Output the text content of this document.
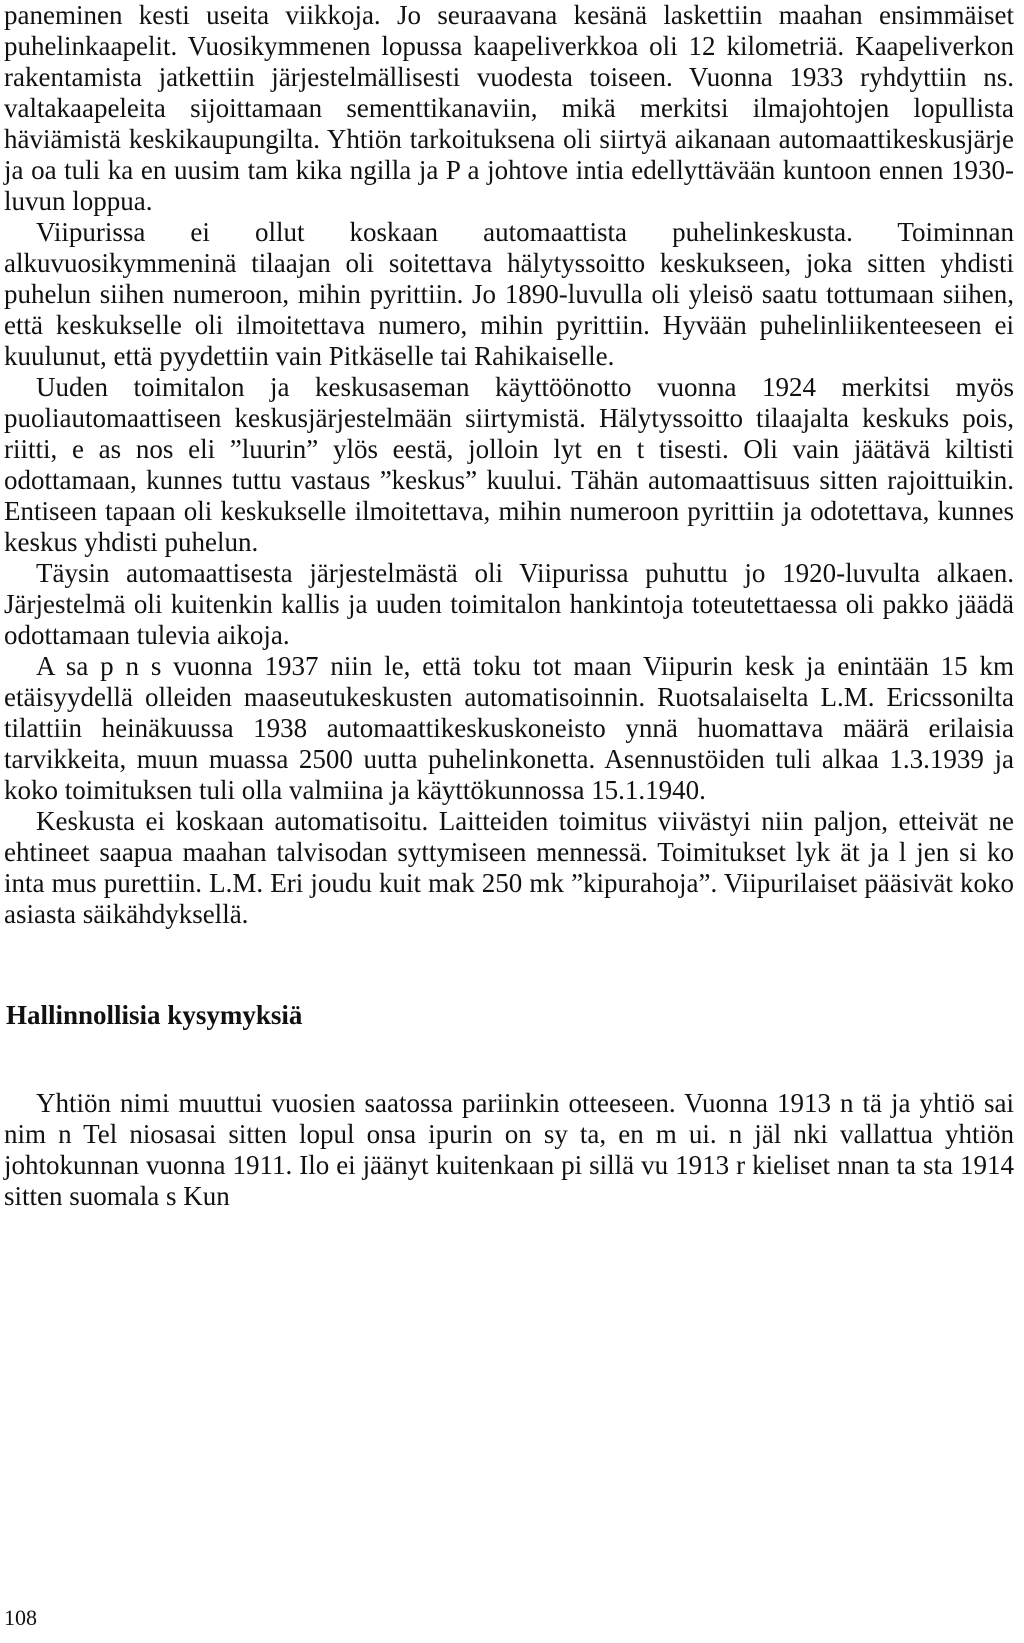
paneminen kesti useita viikkoja. Jo seuraavana kesänä laskettiin maahan ensimmäiset puhelinkaapelit. Vuosikymmenen lopussa kaapeliverkkoa oli 12 kilometriä. Kaapeliverkon rakentamista jatkettiin järjestelmällisesti vuodesta toiseen. Vuonna 1933 ryhdyttiin ns. valtakaapeleita sijoittamaan sementtikanaviin, mikä merkitsi ilmajohtojen lopullista häviämistä keskikaupungilta. Yhtiön tarkoituksena oli siirtyä aikanaan automaattikeskusjärje ja oa tuli ka en uusim tam kika ngilla ja P a johtove intia edellyttävään kuntoon ennen 1930-luvun loppua.

Viipurissa ei ollut koskaan automaattista puhelinkeskusta. Toiminnan alkuvuosikymmeninä tilaajan oli soitettava hälytyssoitto keskukseen, joka sitten yhdisti puhelun siihen numeroon, mihin pyrittiin. Jo 1890-luvulla oli yleisö saatu tottumaan siihen, että keskukselle oli ilmoitettava numero, mihin pyrittiin. Hyvään puhelinliikenteeseen ei kuulunut, että pyydettiin vain Pitkäselle tai Rahikaiselle.

Uuden toimitalon ja keskusaseman käyttöönotto vuonna 1924 merkitsi myös puoliautomaattiseen keskusjärjestelmään siirtymistä. Hälytyssoitto tilaajalta keskuks pois, riitti, e as nos eli ”luurin” ylös eestä, jolloin lyt en t tisesti. Oli vain jäätävä kiltisti odottamaan, kunnes tuttu vastaus ”keskus” kuului. Tähän automaattisuus sitten rajoittuikin. Entiseen tapaan oli keskukselle ilmoitettava, mihin numeroon pyrittiin ja odotettava, kunnes keskus yhdisti puhelun.

Täysin automaattisesta järjestelmästä oli Viipurissa puhuttu jo 1920-luvulta alkaen. Järjestelmä oli kuitenkin kallis ja uuden toimitalon hankintoja toteutettaessa oli pakko jäädä odottamaan tulevia aikoja.

A sa p n s vuonna 1937 niin le, että toku tot maan Viipurin kesk ja enintään 15 km etäisyydellä olleiden maaseutukeskusten automatisoinnin. Ruotsalaiselta L.M. Ericssonilta tilattiin heinäkuussa 1938 automaattikeskuskoneisto ynnä huomattava määrä erilaisia tarvikkeita, muun muassa 2500 uutta puhelinkonetta. Asennustöiden tuli alkaa 1.3.1939 ja koko toimituksen tuli olla valmiina ja käyttökunnossa 15.1.1940.

Keskusta ei koskaan automatisoitu. Laitteiden toimitus viivästyi niin paljon, etteivät ne ehtineet saapua maahan talvisodan syttymiseen mennessä. Toimitukset lyk ät ja l jen si ko inta mus purettiin. L.M. Eri joudu kuit mak 250 mk ”kipurahoja”. Viipurilaiset pääsivät koko asiasta säikähdyksellä.

Hallinnollisia kysymyksiä

Yhtiön nimi muuttui vuosien saatossa pariinkin otteeseen. Vuonna 1913 n tä ja yhtiö sai nim n Tel niosasai sitten lopul onsa ipurin on sy ta, en m ui. n jäl nki vallattua yhtiön johtokunnan vuonna 1911. Ilo ei jäänyt kuitenkaan pi sillä vu 1913 r kieliset nnan ta sta 1914 sitten suomala s Kun

108
